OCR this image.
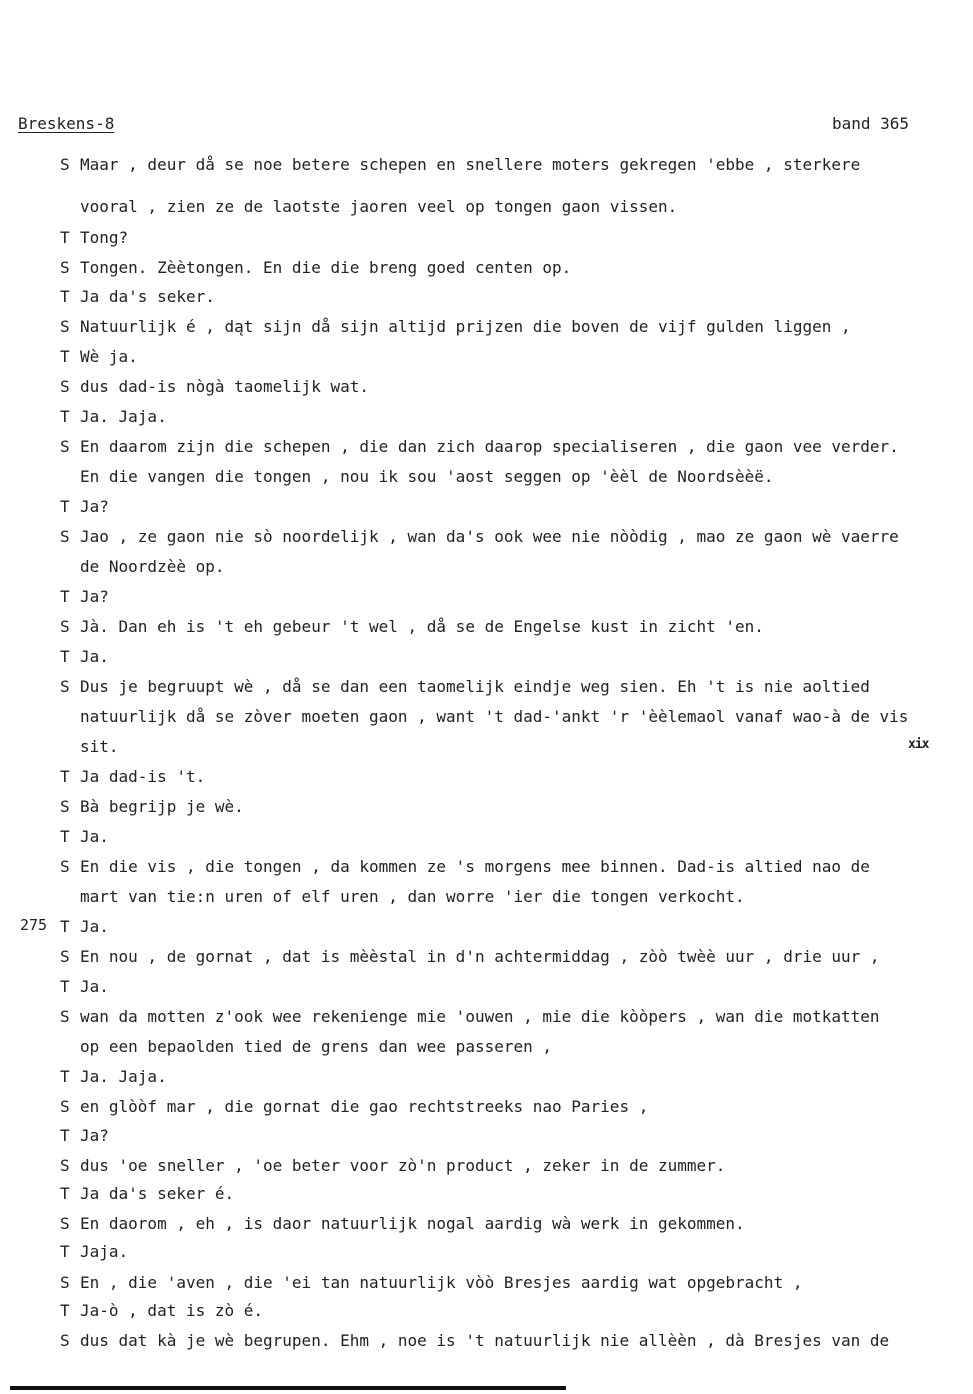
Breskens-8	band 365
S Maar , deur då se noe betere schepen en snellere moters gekregen 'ebbe , sterkere
vooral , zien ze de laotste jaoren veel op tongen gaon vissen.
T Tong?
S Tongen. Zèètongen. En die die breng goed centen op.
T Ja da's seker.
S Natuurlijk é , dąt sijn då sijn altijd prijzen die boven de vijf gulden liggen ,
T Wè ja.
S dus dad-is nògà taomelijk wat.
T Ja. Jaja.
S En daarom zijn die schepen , die dan zich daarop specialiseren , die gaon vee verder.
En die vangen die tongen , nou ik sou 'aost seggen op 'èèl de Noordsèèë.
T Ja?
S Jao , ze gaon nie sò noordelijk , wan da's ook wee nie nòòdig , mao ze gaon wè vaerre
de Noordzèè op.
T Ja?
S Jà. Dan eh is 't eh gebeur 't wel , då se de Engelse kust in zicht 'en.
T Ja.
S Dus je begruupt wè , då se dan een taomelijk eindje weg sien. Eh 't is nie aoltied
natuurlijk då se zòver moeten gaon , want 't dad-'ankt 'r 'èèlemaol vanaf wao-à de vis
sit.
T Ja dad-is 't.
S Bà begrijp je wè.
T Ja.
S En die vis , die tongen , da kommen ze 's morgens mee binnen. Dad-is altied nao de
mart van tie:n uren of elf uren , dan worre 'ier die tongen verkocht.
T Ja.
S En nou , de gornat , dat is mèèstal in d'n achtermiddag , zòò twèè uur , drie uur ,
T Ja.
S wan da motten z'ook wee rekenienge mie 'ouwen , mie die kòòpers , wan die motkatten
op een bepaolden tied de grens dan wee passeren ,
T Ja. Jaja.
S en glòòf mar , die gornat die gao rechtstreeks nao Paries ,
T Ja?
S dus 'oe sneller , 'oe beter voor zò'n product , zeker in de zummer.
T Ja da's seker é.
S En daorom , eh , is daor natuurlijk nogal aardig wà werk in gekommen.
T Jaja.
S En , die 'aven , die 'ei tan natuurlijk vòò Bresjes aardig wat opgebracht ,
T Ja-ò , dat is zò é.
S dus dat kà je wè begrupen. Ehm , noe is 't natuurlijk nie allèèn , dà Bresjes van de
275
xix
